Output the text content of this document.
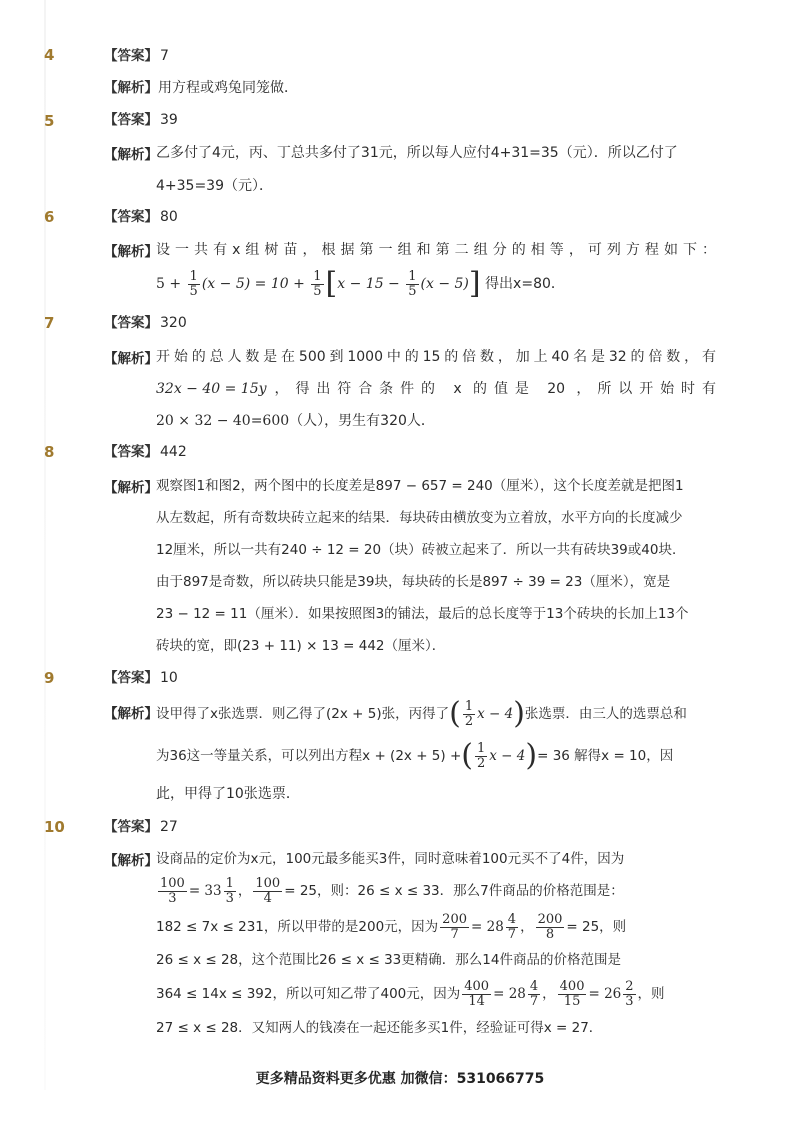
4	【答案】 7
【解析】用方程或鸡兔同笼做．
5	【答案】 39
【解析】
乙多付了4元，丙、丁总共多付了31元，所以每人应付4+31=35（元）．所以乙付了
4+35=39（元）．
6	【答案】 80
【解析】
设一共有x组树苗，根据第一组和第二组分的相等，可列方程如下：
$5 + \frac{1}{5} (x - 5) = 10 + \frac{1}{5} [x - 15 - \frac{1}{5} (x - 5)]$ 得出x=80．
7	【答案】 320
【解析】
开始的总人数是在500到1000中的15的倍数，加上40名是32的倍数，有
32x − 40 = 15y ，得出符合条件的 x 的值是 20 ，所以开始时有
20 × 32 − 40=600（人），男生有320人．
8	【答案】 442
【解析】
观察图1和图2，两个图中的长度差是897 − 657 = 240（厘米），这个长度差就是把图1
从左数起，所有奇数块砖立起来的结果．每块砖由横放变为立着放，水平方向的长度减少
12厘米，所以一共有240 ÷ 12 = 20（块）砖被立起来了．所以一共有砖块39或40块．
由于897是奇数，所以砖块只能是39块，每块砖的长是897 ÷ 39 = 23（厘米），宽是
23 − 12 = 11（厘米）．如果按照图3的铺法，最后的总长度等于13个砖块的长加上13个
砖块的宽，即(23 + 11) × 13 = 442（厘米）．
9	【答案】 10
【解析】
设甲得了x张选票．则乙得了(2x + 5)张，丙得了( $\frac{1}{2}$ x − 4)张选票．由三人的选票总和
为36这一等量关系，可以列出方程x + (2x + 5) +( $\frac{1}{2}$ x − 4)= 36 解得x = 10，因
此，甲得了10张选票．
10	【答案】 27
【解析】
设商品的定价为x元，100元最多能买3件，同时意味着100元买不了4件，因为
$\frac{100}{3} = 33 \frac{1}{3}$ ， $\frac{100}{4} = 25$，则：26 ≤ x ≤ 33．那么7件商品的价格范围是：
182 ≤ 7x ≤ 231，所以甲带的是200元，因为 $\frac{200}{7} = 28 \frac{4}{7}$ ， $\frac{200}{8} = 25$，则
26 ≤ x ≤ 28，这个范围比26 ≤ x ≤ 33更精确．那么14件商品的价格范围是
364 ≤ 14x ≤ 392，所以可知乙带了400元，因为 $\frac{400}{14} = 28 \frac{4}{7}$ ， $\frac{400}{15} = 26 \frac{2}{3}$ ，则
27 ≤ x ≤ 28．又知两人的钱凑在一起还能多买1件，经验证可得x = 27．
更多精品资料更多优惠 加微信：531066775
